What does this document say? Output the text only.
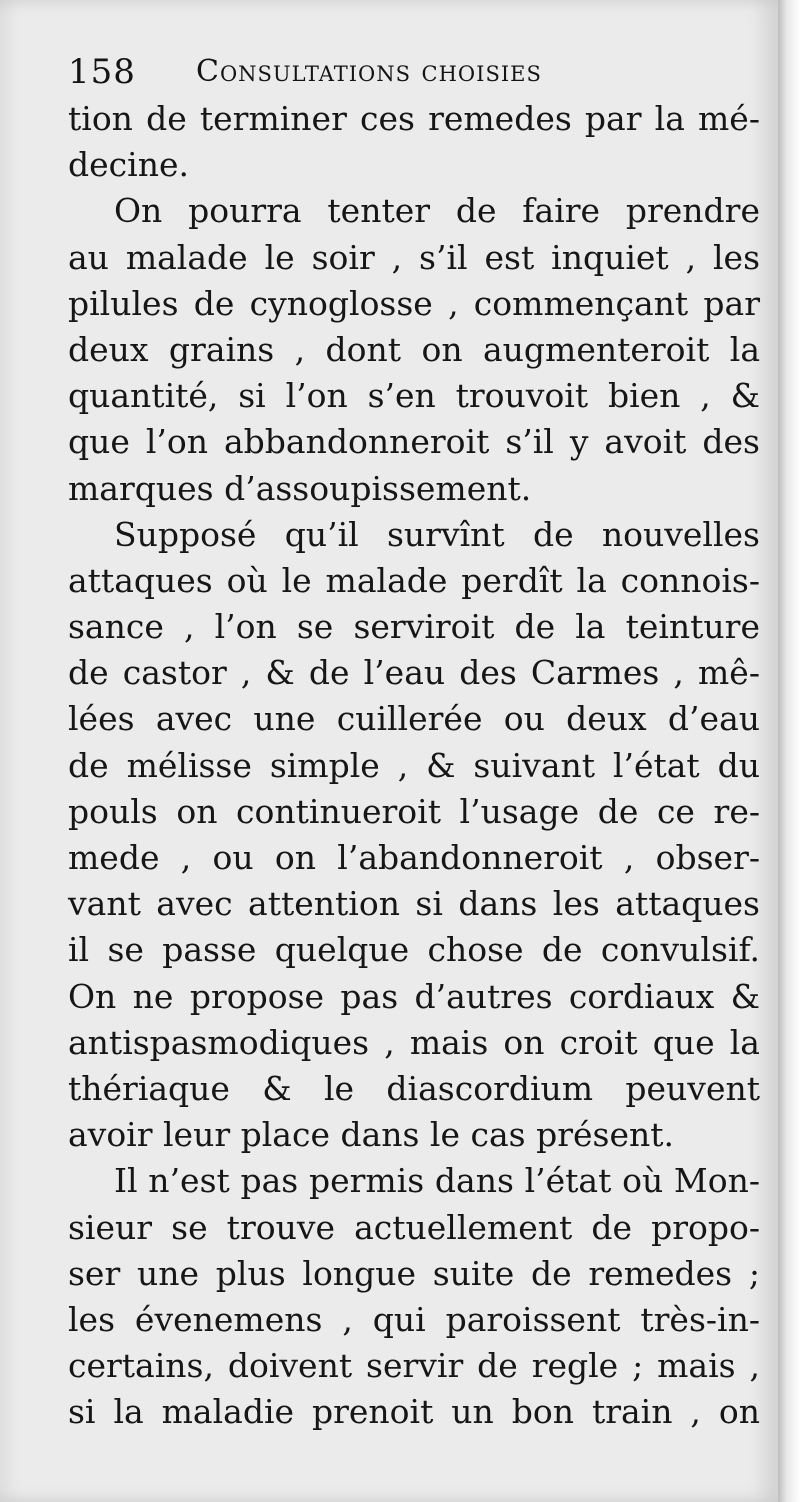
158 Consultations choisies
tion de terminer ces remedes par la mé-
decine.
On pourra tenter de faire prendre
au malade le soir , s’il est inquiet , les
pilules de cynoglosse , commençant par
deux grains , dont on augmenteroit la
quantité, si l’on s’en trouvoit bien , &
que l’on abbandonneroit s’il y avoit des
marques d’assoupissement.
Supposé qu’il survînt de nouvelles
attaques où le malade perdît la connois-
sance , l’on se serviroit de la teinture
de castor , & de l’eau des Carmes , mê-
lées avec une cuillerée ou deux d’eau
de mélisse simple , & suivant l’état du
pouls on continueroit l’usage de ce re-
mede , ou on l’abandonneroit , obser-
vant avec attention si dans les attaques
il se passe quelque chose de convulsif.
On ne propose pas d’autres cordiaux &
antispasmodiques , mais on croit que la
thériaque & le diascordium peuvent
avoir leur place dans le cas présent.
Il n’est pas permis dans l’état où Mon-
sieur se trouve actuellement de propo-
ser une plus longue suite de remedes ;
les évenemens , qui paroissent très-in-
certains, doivent servir de regle ; mais ,
si la maladie prenoit un bon train , on
